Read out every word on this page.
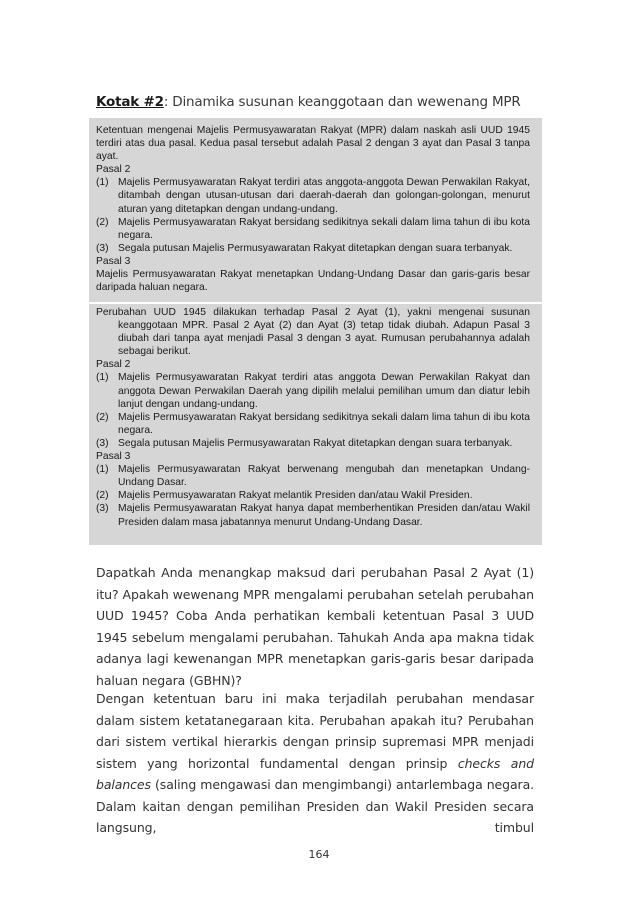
Kotak #2: Dinamika susunan keanggotaan dan wewenang MPR

Ketentuan mengenai Majelis Permusyawaratan Rakyat (MPR) dalam naskah asli UUD 1945 terdiri atas dua pasal. Kedua pasal tersebut adalah Pasal 2 dengan 3 ayat dan Pasal 3 tanpa ayat.

Pasal 2

(1) Majelis Permusyawaratan Rakyat terdiri atas anggota-anggota Dewan Perwakilan Rakyat, ditambah dengan utusan-utusan dari daerah-daerah dan golongan-golongan, menurut aturan yang ditetapkan dengan undang-undang.
(2) Majelis Permusyawaratan Rakyat bersidang sedikitnya sekali dalam lima tahun di ibu kota negara.
(3) Segala putusan Majelis Permusyawaratan Rakyat ditetapkan dengan suara terbanyak.

Pasal 3

Majelis Permusyawaratan Rakyat menetapkan Undang-Undang Dasar dan garis-garis besar daripada haluan negara.

Perubahan UUD 1945 dilakukan terhadap Pasal 2 Ayat (1), yakni mengenai susunan keanggotaan MPR. Pasal 2 Ayat (2) dan Ayat (3) tetap tidak diubah. Adapun Pasal 3 diubah dari tanpa ayat menjadi Pasal 3 dengan 3 ayat. Rumusan perubahannya adalah sebagai berikut.

Pasal 2

(1) Majelis Permusyawaratan Rakyat terdiri atas anggota Dewan Perwakilan Rakyat dan anggota Dewan Perwakilan Daerah yang dipilih melalui pemilihan umum dan diatur lebih lanjut dengan undang-undang.
(2) Majelis Permusyawaratan Rakyat bersidang sedikitnya sekali dalam lima tahun di ibu kota negara.
(3) Segala putusan Majelis Permusyawaratan Rakyat ditetapkan dengan suara terbanyak.

Pasal 3

(1) Majelis Permusyawaratan Rakyat berwenang mengubah dan menetapkan Undang-Undang Dasar.
(2) Majelis Permusyawaratan Rakyat melantik Presiden dan/atau Wakil Presiden.
(3) Majelis Permusyawaratan Rakyat hanya dapat memberhentikan Presiden dan/atau Wakil Presiden dalam masa jabatannya menurut Undang-Undang Dasar.

Dapatkah Anda menangkap maksud dari perubahan Pasal 2 Ayat (1) itu? Apakah wewenang MPR mengalami perubahan setelah perubahan UUD 1945? Coba Anda perhatikan kembali ketentuan Pasal 3 UUD 1945 sebelum mengalami perubahan. Tahukah Anda apa makna tidak adanya lagi kewenangan MPR menetapkan garis-garis besar daripada haluan negara (GBHN)?

Dengan ketentuan baru ini maka terjadilah perubahan mendasar dalam sistem ketatanegaraan kita. Perubahan apakah itu? Perubahan dari sistem vertikal hierarkis dengan prinsip supremasi MPR menjadi sistem yang horizontal fundamental dengan prinsip checks and balances (saling mengawasi dan mengimbangi) antarlembaga negara. Dalam kaitan dengan pemilihan Presiden dan Wakil Presiden secara langsung, timbul

164
